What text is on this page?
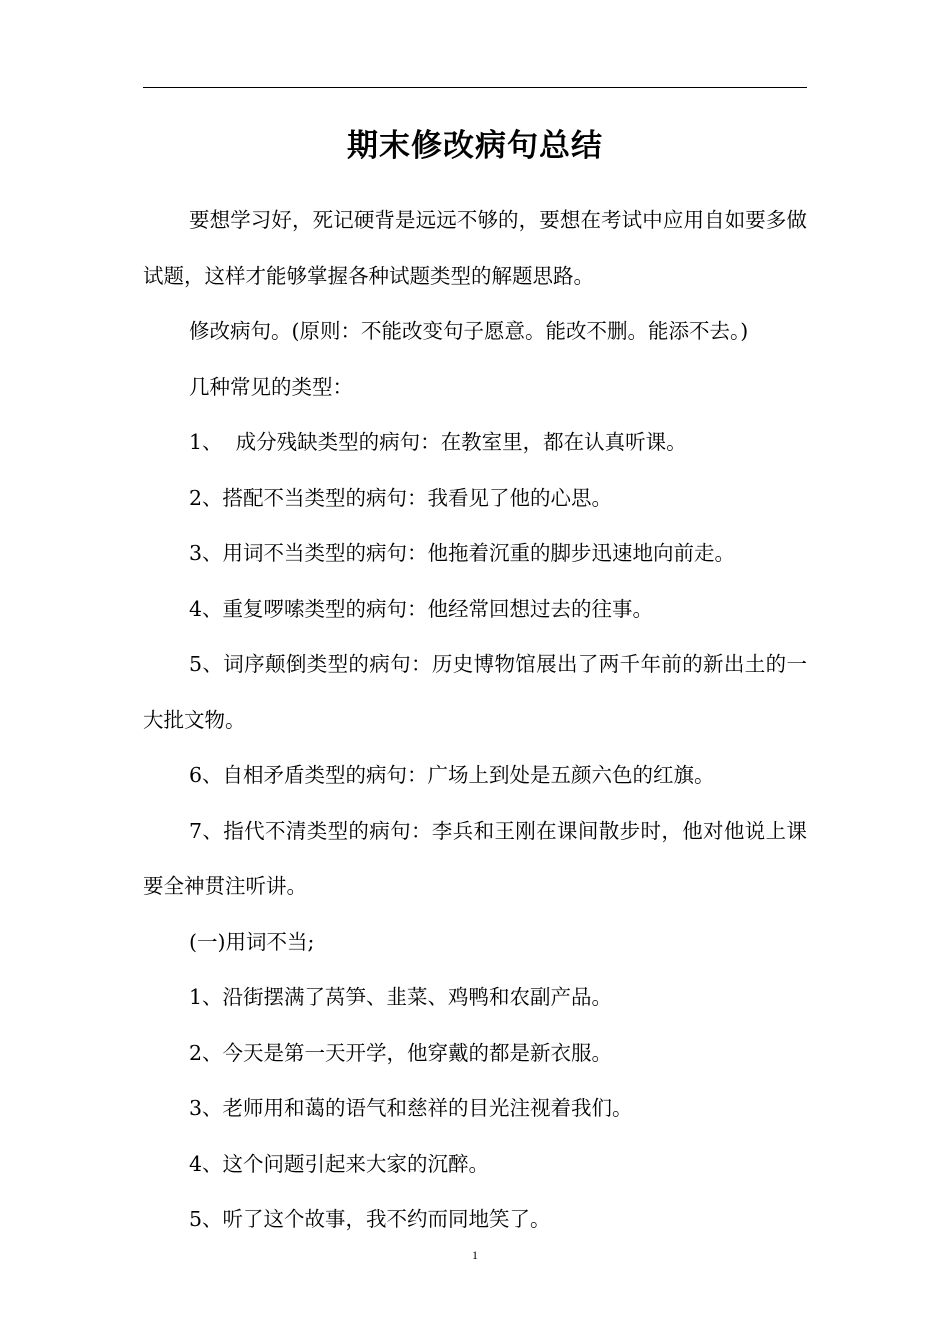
期末修改病句总结

要想学习好，死记硬背是远远不够的，要想在考试中应用自如要多做试题，这样才能够掌握各种试题类型的解题思路。

修改病句。(原则：不能改变句子愿意。能改不删。能添不去。)

几种常见的类型：

1、  成分残缺类型的病句：在教室里，都在认真听课。

2、搭配不当类型的病句：我看见了他的心思。

3、用词不当类型的病句：他拖着沉重的脚步迅速地向前走。

4、重复啰嗦类型的病句：他经常回想过去的往事。

5、词序颠倒类型的病句：历史博物馆展出了两千年前的新出土的一大批文物。

6、自相矛盾类型的病句：广场上到处是五颜六色的红旗。

7、指代不清类型的病句：李兵和王刚在课间散步时，他对他说上课要全神贯注听讲。

(一)用词不当;

1、沿街摆满了莴笋、韭菜、鸡鸭和农副产品。

2、今天是第一天开学，他穿戴的都是新衣服。

3、老师用和蔼的语气和慈祥的目光注视着我们。

4、这个问题引起来大家的沉醉。

5、听了这个故事，我不约而同地笑了。

1
